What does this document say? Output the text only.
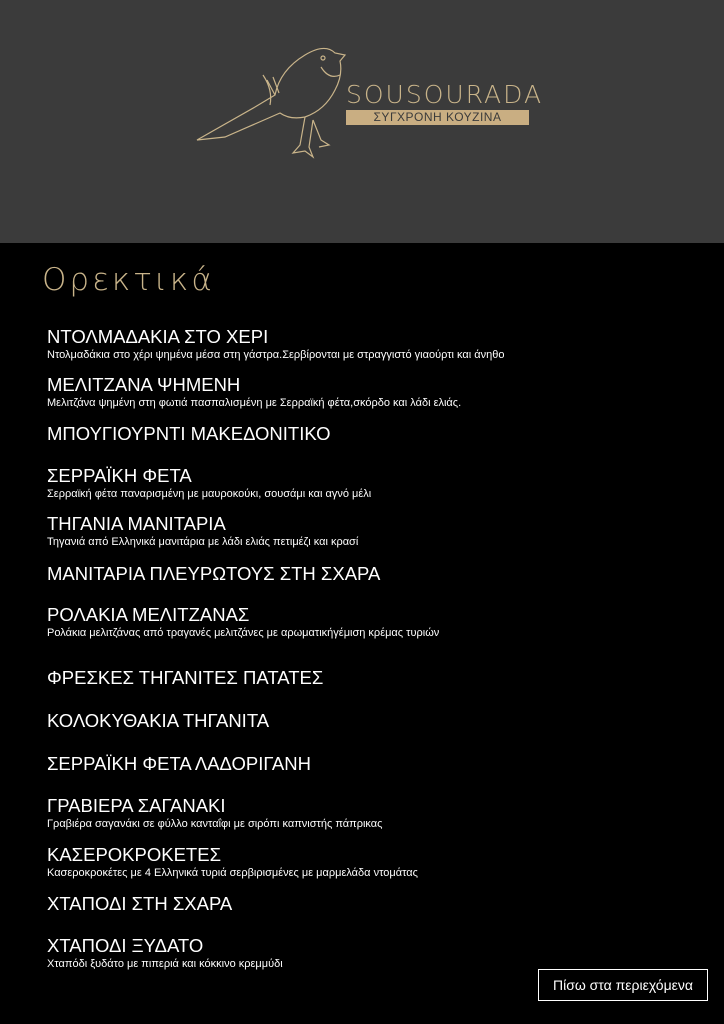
SOUSOURADA
ΣΥΓΧΡΟΝΗ ΚΟΥΖΙΝΑ
Ορεκτικά
ΝΤΟΛΜΑΔΑΚΙΑ ΣΤΟ ΧΕΡΙ
Ντολμαδάκια στο χέρι ψημένα μέσα στη γάστρα.Σερβίρονται με στραγγιστό γιαούρτι και άνηθο
ΜΕΛΙΤΖΑΝΑ ΨΗΜΕΝΗ
Μελιτζάνα ψημένη στη φωτιά πασπαλισμένη με Σερραϊκή φέτα,σκόρδο και λάδι ελιάς.
ΜΠΟΥΓΙΟΥΡΝΤΙ ΜΑΚΕΔΟΝΙΤΙΚΟ
ΣΕΡΡΑΪΚΗ ΦΕΤΑ
Σερραϊκή φέτα παναρισμένη με μαυροκούκι, σουσάμι και αγνό μέλι
ΤΗΓΑΝΙΑ ΜΑΝΙΤΑΡΙΑ
Τηγανιά από Ελληνικά μανιτάρια με λάδι ελιάς πετιμέζι και κρασί
ΜΑΝΙΤΑΡΙΑ ΠΛΕΥΡΩΤΟΥΣ ΣΤΗ ΣΧΑΡΑ
ΡΟΛΑΚΙΑ ΜΕΛΙΤΖΑΝΑΣ
Ρολάκια μελιτζάνας από τραγανές μελιτζάνες με αρωματικήγέμιση κρέμας τυριών
ΦΡΕΣΚΕΣ ΤΗΓΑΝΙΤΕΣ ΠΑΤΑΤΕΣ
ΚΟΛΟΚΥΘΑΚΙΑ ΤΗΓΑΝΙΤΑ
ΣΕΡΡΑΪΚΗ ΦΕΤΑ ΛΑΔΟΡΙΓΑΝΗ
ΓΡΑΒΙΕΡΑ ΣΑΓΑΝΑΚΙ
Γραβιέρα σαγανάκι σε φύλλο κανταΐφι με σιρόπι καπνιστής πάπρικας
ΚΑΣΕΡΟΚΡΟΚΕΤΕΣ
Κασεροκροκέτες με 4 Ελληνικά τυριά σερβιρισμένες με μαρμελάδα ντομάτας
ΧΤΑΠΟΔΙ ΣΤΗ ΣΧΑΡΑ
ΧΤΑΠΟΔΙ ΞΥΔΑΤΟ
Χταπόδι ξυδάτο με πιπεριά και κόκκινο κρεμμύδι
Πίσω στα περιεχόμενα
